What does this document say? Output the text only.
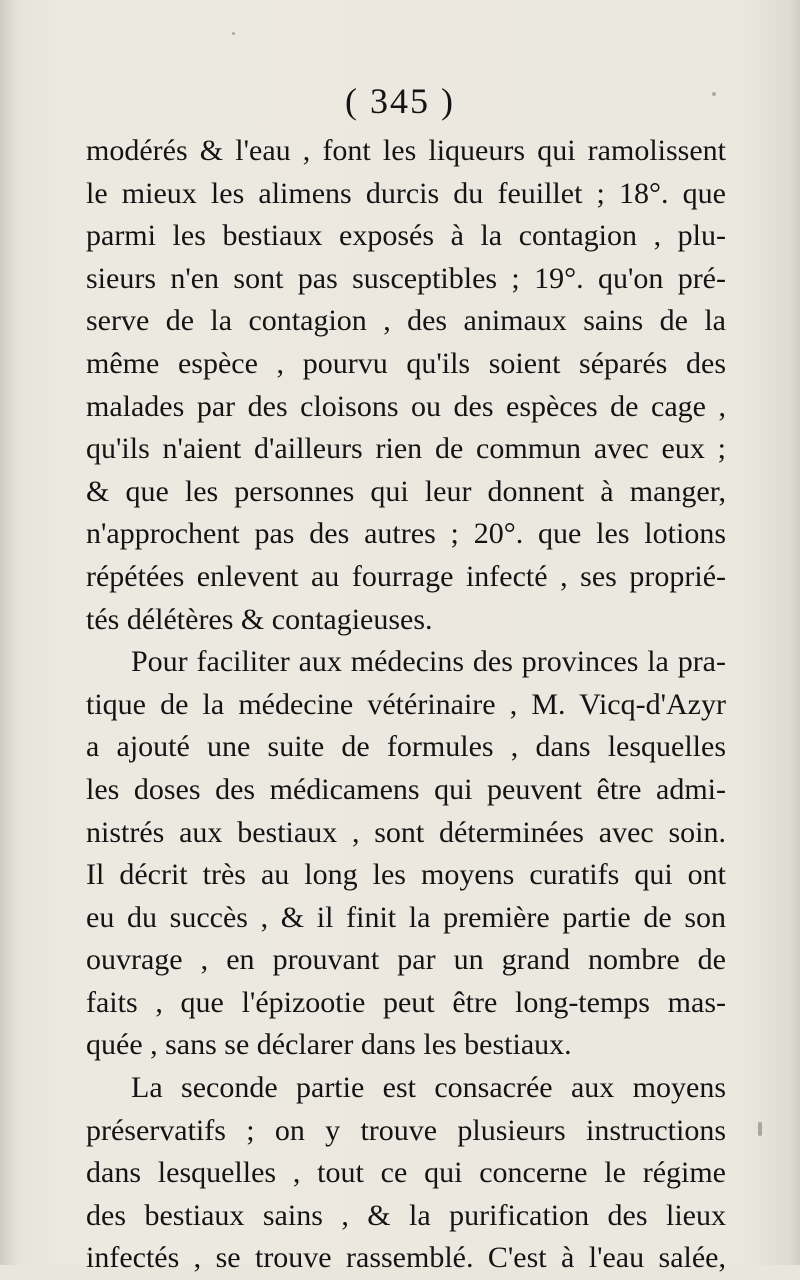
( 345 )
modérés & l'eau , font les liqueurs qui ramolissent
le mieux les alimens durcis du feuillet ; 18°. que
parmi les bestiaux exposés à la contagion , plu-
sieurs n'en sont pas susceptibles ; 19°. qu'on pré-
serve de la contagion , des animaux sains de la
même espèce , pourvu qu'ils soient séparés des
malades par des cloisons ou des espèces de cage ,
qu'ils n'aient d'ailleurs rien de commun avec eux ;
& que les personnes qui leur donnent à manger,
n'approchent pas des autres ; 20°. que les lotions
répétées enlevent au fourrage infecté , ses proprié-
tés délétères & contagieuses.
Pour faciliter aux médecins des provinces la pra-
tique de la médecine vétérinaire , M. Vicq-d'Azyr
a ajouté une suite de formules , dans lesquelles
les doses des médicamens qui peuvent être admi-
nistrés aux bestiaux , sont déterminées avec soin.
Il décrit très au long les moyens curatifs qui ont
eu du succès , & il finit la première partie de son
ouvrage , en prouvant par un grand nombre de
faits , que l'épizootie peut être long-temps mas-
quée , sans se déclarer dans les bestiaux.
La seconde partie est consacrée aux moyens
préservatifs ; on y trouve plusieurs instructions
dans lesquelles , tout ce qui concerne le régime
des bestiaux sains , & la purification des lieux
infectés , se trouve rassemblé. C'est à l'eau salée,
